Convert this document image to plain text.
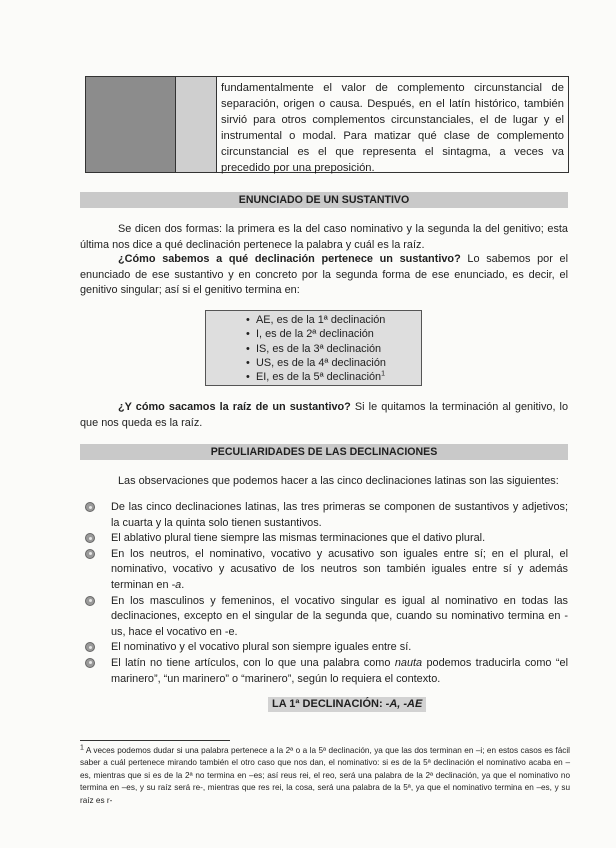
fundamentalmente el valor de complemento circunstancial de separación, origen o causa. Después, en el latín histórico, también sirvió para otros complementos circunstanciales, el de lugar y el instrumental o modal. Para matizar qué clase de complemento circunstancial es el que representa el sintagma, a veces va precedido por una preposición.
ENUNCIADO DE UN SUSTANTIVO
Se dicen dos formas: la primera es la del caso nominativo y la segunda la del genitivo; esta última nos dice a qué declinación pertenece la palabra y cuál es la raíz.
¿Cómo sabemos a qué declinación pertenece un sustantivo? Lo sabemos por el enunciado de ese sustantivo y en concreto por la segunda forma de ese enunciado, es decir, el genitivo singular; así si el genitivo termina en:
• AE, es de la 1ª declinación
• I, es de la 2ª declinación
• IS, es de la 3ª declinación
• US, es de la 4ª declinación
• EI, es de la 5ª declinación$^1$
¿Y cómo sacamos la raíz de un sustantivo? Si le quitamos la terminación al genitivo, lo que nos queda es la raíz.
PECULIARIDADES DE LAS DECLINACIONES
Las observaciones que podemos hacer a las cinco declinaciones latinas son las siguientes:
De las cinco declinaciones latinas, las tres primeras se componen de sustantivos y adjetivos; la cuarta y la quinta solo tienen sustantivos.
El ablativo plural tiene siempre las mismas terminaciones que el dativo plural.
En los neutros, el nominativo, vocativo y acusativo son iguales entre sí; en el plural, el nominativo, vocativo y acusativo de los neutros son también iguales entre sí y además terminan en -a.
En los masculinos y femeninos, el vocativo singular es igual al nominativo en todas las declinaciones, excepto en el singular de la segunda que, cuando su nominativo termina en -us, hace el vocativo en -e.
El nominativo y el vocativo plural son siempre iguales entre sí.
El latín no tiene artículos, con lo que una palabra como nauta podemos traducirla como “el marinero”, “un marinero” o “marinero”, según lo requiera el contexto.
LA 1ª DECLINACIÓN: -A, -AE
$^1$ A veces podemos dudar si una palabra pertenece a la 2ª o a la 5ª declinación, ya que las dos terminan en –i; en estos casos es fácil saber a cuál pertenece mirando también el otro caso que nos dan, el nominativo: si es de la 5ª declinación el nominativo acaba en –es, mientras que si es de la 2ª no termina en –es; así reus rei, el reo, será una palabra de la 2ª declinación, ya que el nominativo no termina en –es, y su raíz será re-, mientras que res rei, la cosa, será una palabra de la 5ª, ya que el nominativo termina en –es, y su raíz es r-
